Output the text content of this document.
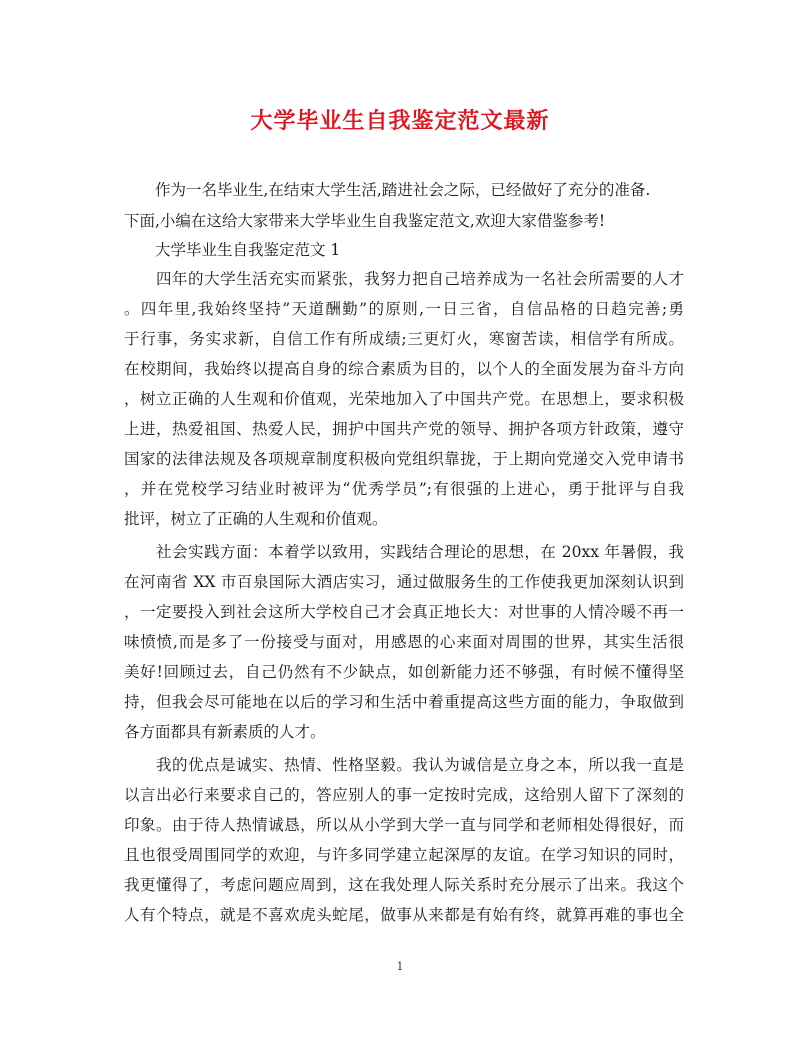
大学毕业生自我鉴定范文最新
　　作为一名毕业生,在结束大学生活,踏进社会之际，已经做好了充分的准备.
下面,小编在这给大家带来大学毕业生自我鉴定范文,欢迎大家借鉴参考!
　　大学毕业生自我鉴定范文 1
　　四年的大学生活充实而紧张，我努力把自己培养成为一名社会所需要的人才
。四年里,我始终坚持”天道酬勤”的原则,一日三省，自信品格的日趋完善;勇
于行事，务实求新，自信工作有所成绩;三更灯火，寒窗苦读，相信学有所成。
在校期间，我始终以提高自身的综合素质为目的，以个人的全面发展为奋斗方向
，树立正确的人生观和价值观，光荣地加入了中国共产党。在思想上，要求积极
上进，热爱祖国、热爱人民，拥护中国共产党的领导、拥护各项方针政策，遵守
国家的法律法规及各项规章制度积极向党组织靠拢，于上期向党递交入党申请书
，并在党校学习结业时被评为“优秀学员”;有很强的上进心，勇于批评与自我
批评，树立了正确的人生观和价值观。
　　社会实践方面：本着学以致用，实践结合理论的思想，在 20xx 年暑假，我
在河南省 XX 市百泉国际大酒店实习，通过做服务生的工作使我更加深刻认识到
，一定要投入到社会这所大学校自己才会真正地长大：对世事的人情冷暖不再一
味愤愤,而是多了一份接受与面对，用感恩的心来面对周围的世界，其实生活很
美好!回顾过去，自己仍然有不少缺点，如创新能力还不够强，有时候不懂得坚
持，但我会尽可能地在以后的学习和生活中着重提高这些方面的能力，争取做到
各方面都具有新素质的人才。
　　我的优点是诚实、热情、性格坚毅。我认为诚信是立身之本，所以我一直是
以言出必行来要求自己的，答应别人的事一定按时完成，这给别人留下了深刻的
印象。由于待人热情诚恳，所以从小学到大学一直与同学和老师相处得很好，而
且也很受周围同学的欢迎，与许多同学建立起深厚的友谊。在学习知识的同时，
我更懂得了，考虑问题应周到，这在我处理人际关系时充分展示了出来。我这个
人有个特点，就是不喜欢虎头蛇尾，做事从来都是有始有终，就算再难的事也全
1
